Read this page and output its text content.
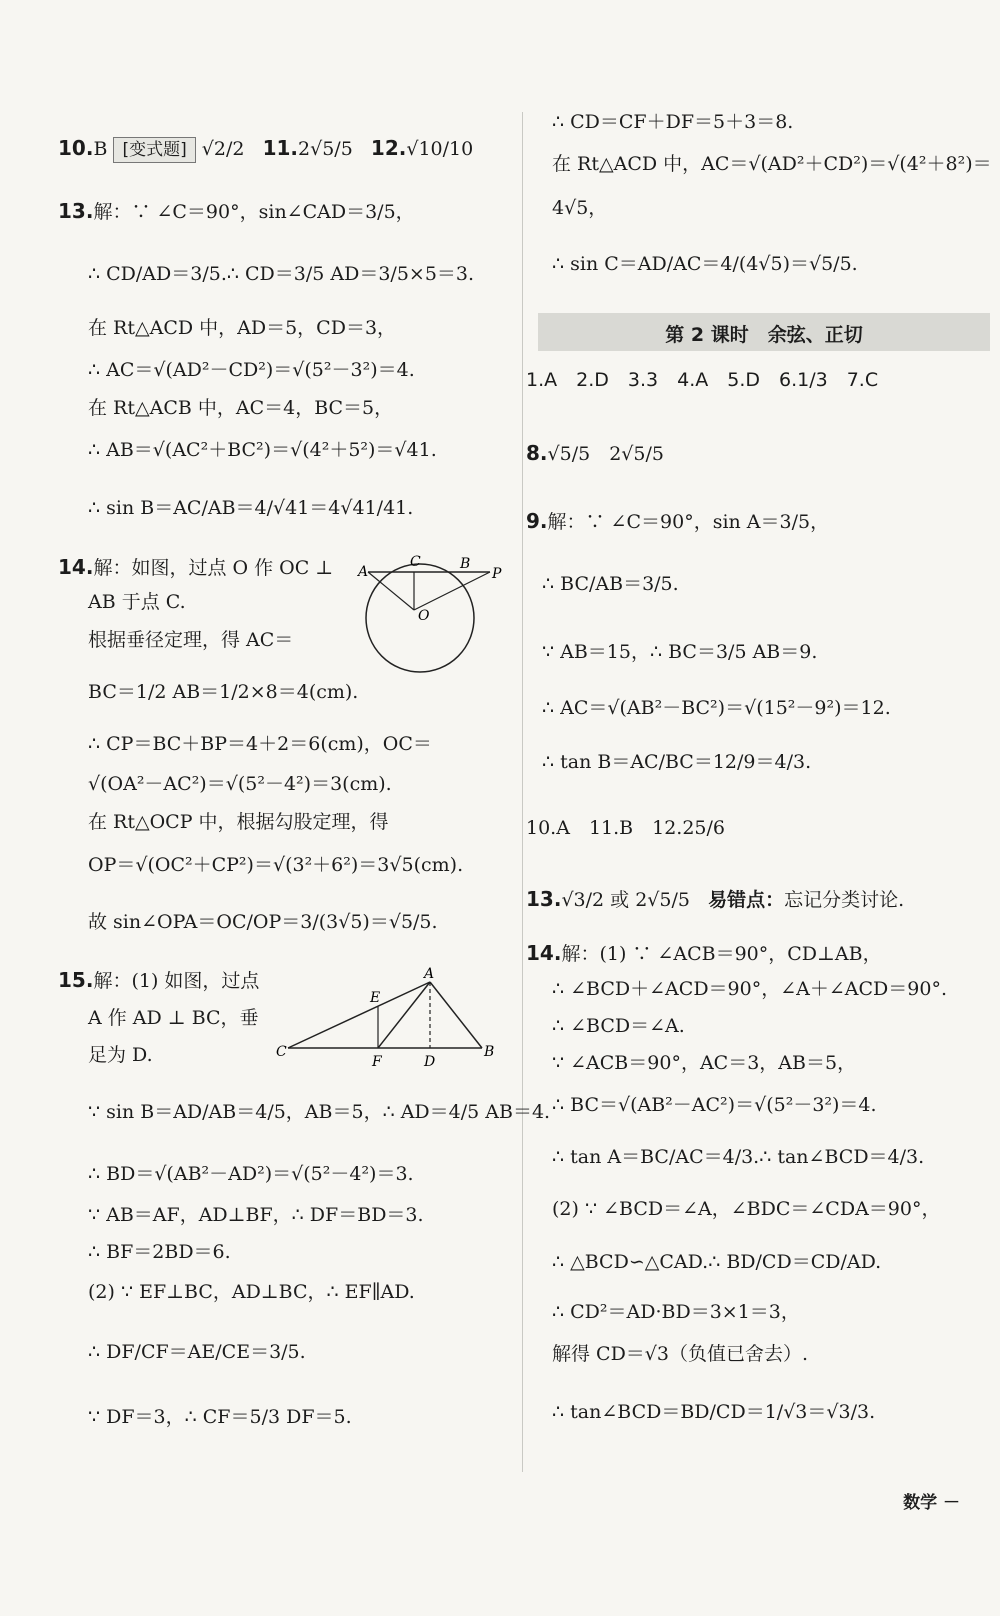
10.B [变式题] √2/2 11.2√5/5 12.√10/10
13.解：∵ ∠C＝90°，sin∠CAD＝3/5，
∴ CD/AD＝3/5.∴ CD＝3/5 AD＝3/5×5＝3.
在 Rt△ACD 中，AD＝5，CD＝3，
∴ AC＝√(AD²－CD²)＝√(5²－3²)＝4.
在 Rt△ACB 中，AC＝4，BC＝5，
∴ AB＝√(AC²＋BC²)＝√(4²＋5²)＝√41.
∴ sin B＝AC/AB＝4/√41＝4√41/41.
14.解：如图，过点 O 作 OC ⊥
AB 于点 C.
根据垂径定理，得 AC＝
BC＝1/2 AB＝1/2×8＝4(cm).
∴ CP＝BC＋BP＝4＋2＝6(cm)，OC＝
√(OA²－AC²)＝√(5²－4²)＝3(cm).
在 Rt△OCP 中，根据勾股定理，得
OP＝√(OC²＋CP²)＝√(3²＋6²)＝3√5(cm).
故 sin∠OPA＝OC/OP＝3/(3√5)＝√5/5.
A
C	B
P
O
15.解：(1) 如图，过点
A 作 AD ⊥ BC，垂
足为 D.
∵ sin B＝AD/AB＝4/5，AB＝5，∴ AD＝4/5 AB＝4.
∴ BD＝√(AB²－AD²)＝√(5²－4²)＝3.
∵ AB＝AF，AD⊥BF，∴ DF＝BD＝3.
∴ BF＝2BD＝6.
(2) ∵ EF⊥BC，AD⊥BC，∴ EF∥AD.
∴ DF/CF＝AE/CE＝3/5.
∵ DF＝3，∴ CF＝5/3 DF＝5.
A
E
C
F	D
B
∴ CD＝CF＋DF＝5＋3＝8.
在 Rt△ACD 中，AC＝√(AD²＋CD²)＝√(4²＋8²)＝
4√5，
∴ sin C＝AD/AC＝4/(4√5)＝√5/5.
第 2 课时　余弦、正切
1.A　2.D　3.3　4.A　5.D　6.1/3　7.C
8.√5/5　2√5/5
9.解：∵ ∠C＝90°，sin A＝3/5，
∴ BC/AB＝3/5.
∵ AB＝15，∴ BC＝3/5 AB＝9.
∴ AC＝√(AB²－BC²)＝√(15²－9²)＝12.
∴ tan B＝AC/BC＝12/9＝4/3.
10.A　11.B　12.25/6
13.√3/2 或 2√5/5 易错点：忘记分类讨论.
14.解：(1) ∵ ∠ACB＝90°，CD⊥AB，
∴ ∠BCD＋∠ACD＝90°，∠A＋∠ACD＝90°.
∴ ∠BCD＝∠A.
∵ ∠ACB＝90°，AC＝3，AB＝5，
∴ BC＝√(AB²－AC²)＝√(5²－3²)＝4.
∴ tan A＝BC/AC＝4/3.∴ tan∠BCD＝4/3.
(2) ∵ ∠BCD＝∠A，∠BDC＝∠CDA＝90°，
∴ △BCD∽△CAD.∴ BD/CD＝CD/AD.
∴ CD²＝AD·BD＝3×1＝3，
解得 CD＝√3（负值已舍去）.
∴ tan∠BCD＝BD/CD＝1/√3＝√3/3.
数学 －
